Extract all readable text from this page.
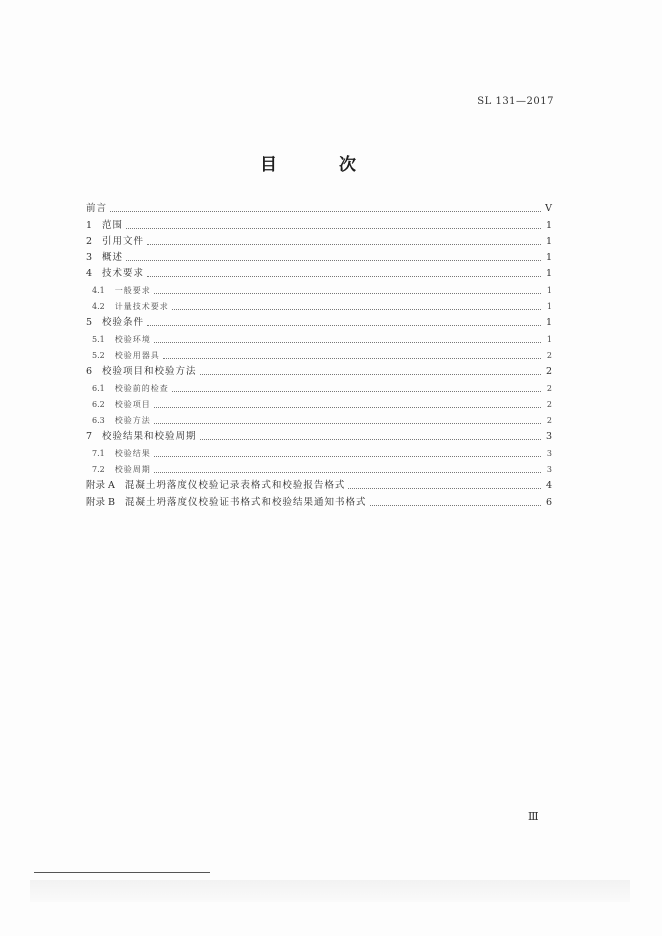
SL 131—2017
目 次
前言	V
1 范围	1
2 引用文件	1
3 概述	1
4 技术要求	1
4.1 一般要求	1
4.2 计量技术要求	1
5 校验条件	1
5.1 校验环境	1
5.2 校验用器具	2
6 校验项目和校验方法	2
6.1 校验前的检查	2
6.2 校验项目	2
6.3 校验方法	2
7 校验结果和校验周期	3
7.1 校验结果	3
7.2 校验周期	3
附录 A 混凝土坍落度仪校验记录表格式和校验报告格式	4
附录 B 混凝土坍落度仪校验证书格式和校验结果通知书格式	6
Ⅲ
